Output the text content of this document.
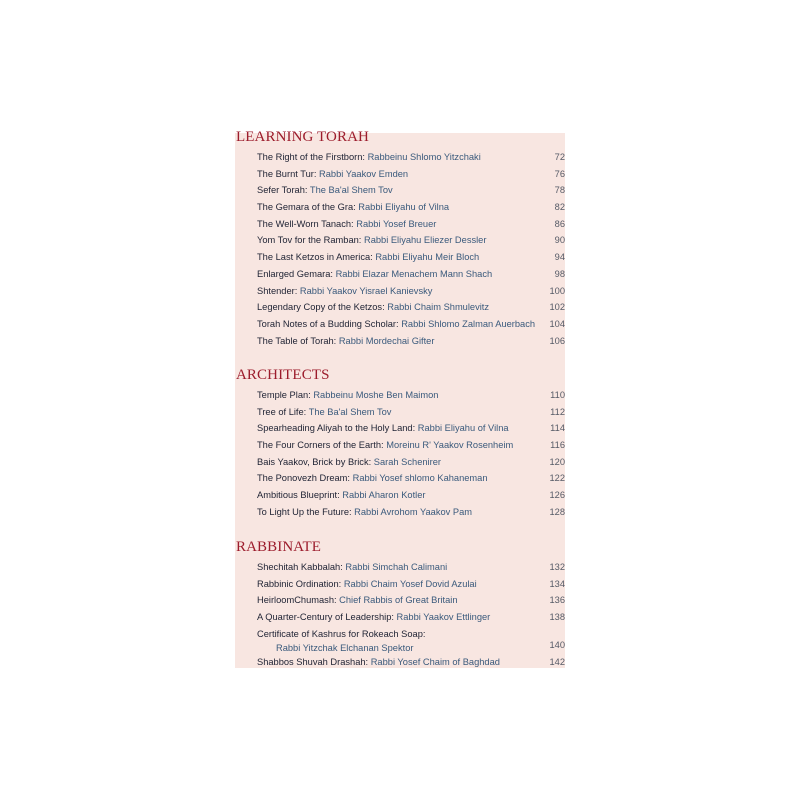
LEARNING TORAH
The Right of the Firstborn: Rabbeinu Shlomo Yitzchaki	72
The Burnt Tur: Rabbi Yaakov Emden	76
Sefer Torah: The Ba'al Shem Tov	78
The Gemara of the Gra: Rabbi Eliyahu of Vilna	82
The Well-Worn Tanach: Rabbi Yosef Breuer	86
Yom Tov for the Ramban: Rabbi Eliyahu Eliezer Dessler	90
The Last Ketzos in America: Rabbi Eliyahu Meir Bloch	94
Enlarged Gemara: Rabbi Elazar Menachem Mann Shach	98
Shtender: Rabbi Yaakov Yisrael Kanievsky	100
Legendary Copy of the Ketzos: Rabbi Chaim Shmulevitz	102
Torah Notes of a Budding Scholar: Rabbi Shlomo Zalman Auerbach 104
The Table of Torah: Rabbi Mordechai Gifter	106
ARCHITECTS
Temple Plan: Rabbeinu Moshe Ben Maimon	110
Tree of Life: The Ba'al Shem Tov	112
Spearheading Aliyah to the Holy Land: Rabbi Eliyahu of Vilna	114
The Four Corners of the Earth: Moreinu R' Yaakov Rosenheim	116
Bais Yaakov, Brick by Brick: Sarah Schenirer	120
The Ponovezh Dream: Rabbi Yosef shlomo Kahaneman	122
Ambitious Blueprint: Rabbi Aharon Kotler	126
To Light Up the Future: Rabbi Avrohom Yaakov Pam	128
RABBINATE
Shechitah Kabbalah: Rabbi Simchah Calimani	132
Rabbinic Ordination: Rabbi Chaim Yosef Dovid Azulai	134
HeirloomChumash: Chief Rabbis of Great Britain	136
A Quarter-Century of Leadership: Rabbi Yaakov Ettlinger	138
Certificate of Kashrus for Rokeach Soap:
Rabbi Yitzchak Elchanan Spektor	140
Shabbos Shuvah Drashah: Rabbi Yosef Chaim of Baghdad	142
